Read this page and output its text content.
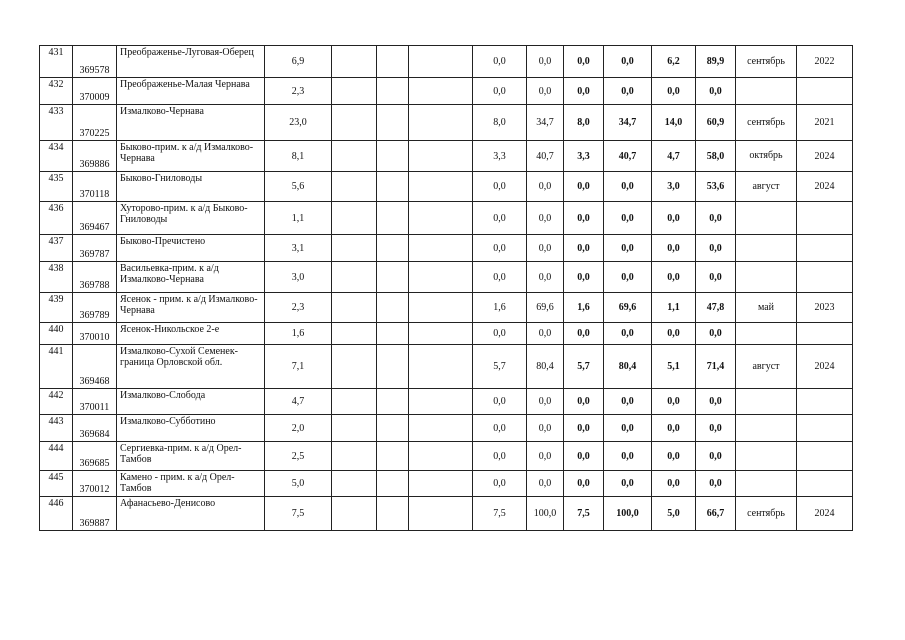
431	369578	Преображенье-Луговая-Оберец	6,9				0,0	0,0	0,0	0,0	6,2	89,9	сентябрь	2022
432	370009	Преображенье-Малая Чернава	2,3				0,0	0,0	0,0	0,0	0,0	0,0		
433	370225	Измалково-Чернава	23,0				8,0	34,7	8,0	34,7	14,0	60,9	сентябрь	2021
434	369886	Быково-прим. к а/д Измалково-Чернава	8,1				3,3	40,7	3,3	40,7	4,7	58,0	октябрь	2024
435	370118	Быково-Гниловоды	5,6				0,0	0,0	0,0	0,0	3,0	53,6	август	2024
436	369467	Хуторово-прим. к а/д Быково-Гниловоды	1,1				0,0	0,0	0,0	0,0	0,0	0,0		
437	369787	Быково-Пречистено	3,1				0,0	0,0	0,0	0,0	0,0	0,0		
438	369788	Васильевка-прим. к а/д Измалково-Чернава	3,0				0,0	0,0	0,0	0,0	0,0	0,0		
439	369789	Ясенок - прим. к а/д Измалково-Чернава	2,3				1,6	69,6	1,6	69,6	1,1	47,8	май	2023
440	370010	Ясенок-Никольское 2-е	1,6				0,0	0,0	0,0	0,0	0,0	0,0		
441	369468	Измалково-Сухой Семенек-граница Орловской обл.	7,1				5,7	80,4	5,7	80,4	5,1	71,4	август	2024
442	370011	Измалково-Слобода	4,7				0,0	0,0	0,0	0,0	0,0	0,0		
443	369684	Измалково-Субботино	2,0				0,0	0,0	0,0	0,0	0,0	0,0		
444	369685	Сергиевка-прим. к а/д Орел-Тамбов	2,5				0,0	0,0	0,0	0,0	0,0	0,0		
445	370012	Камено - прим. к а/д Орел-Тамбов	5,0				0,0	0,0	0,0	0,0	0,0	0,0		
446	369887	Афанасьево-Денисово	7,5				7,5	100,0	7,5	100,0	5,0	66,7	сентябрь	2024
